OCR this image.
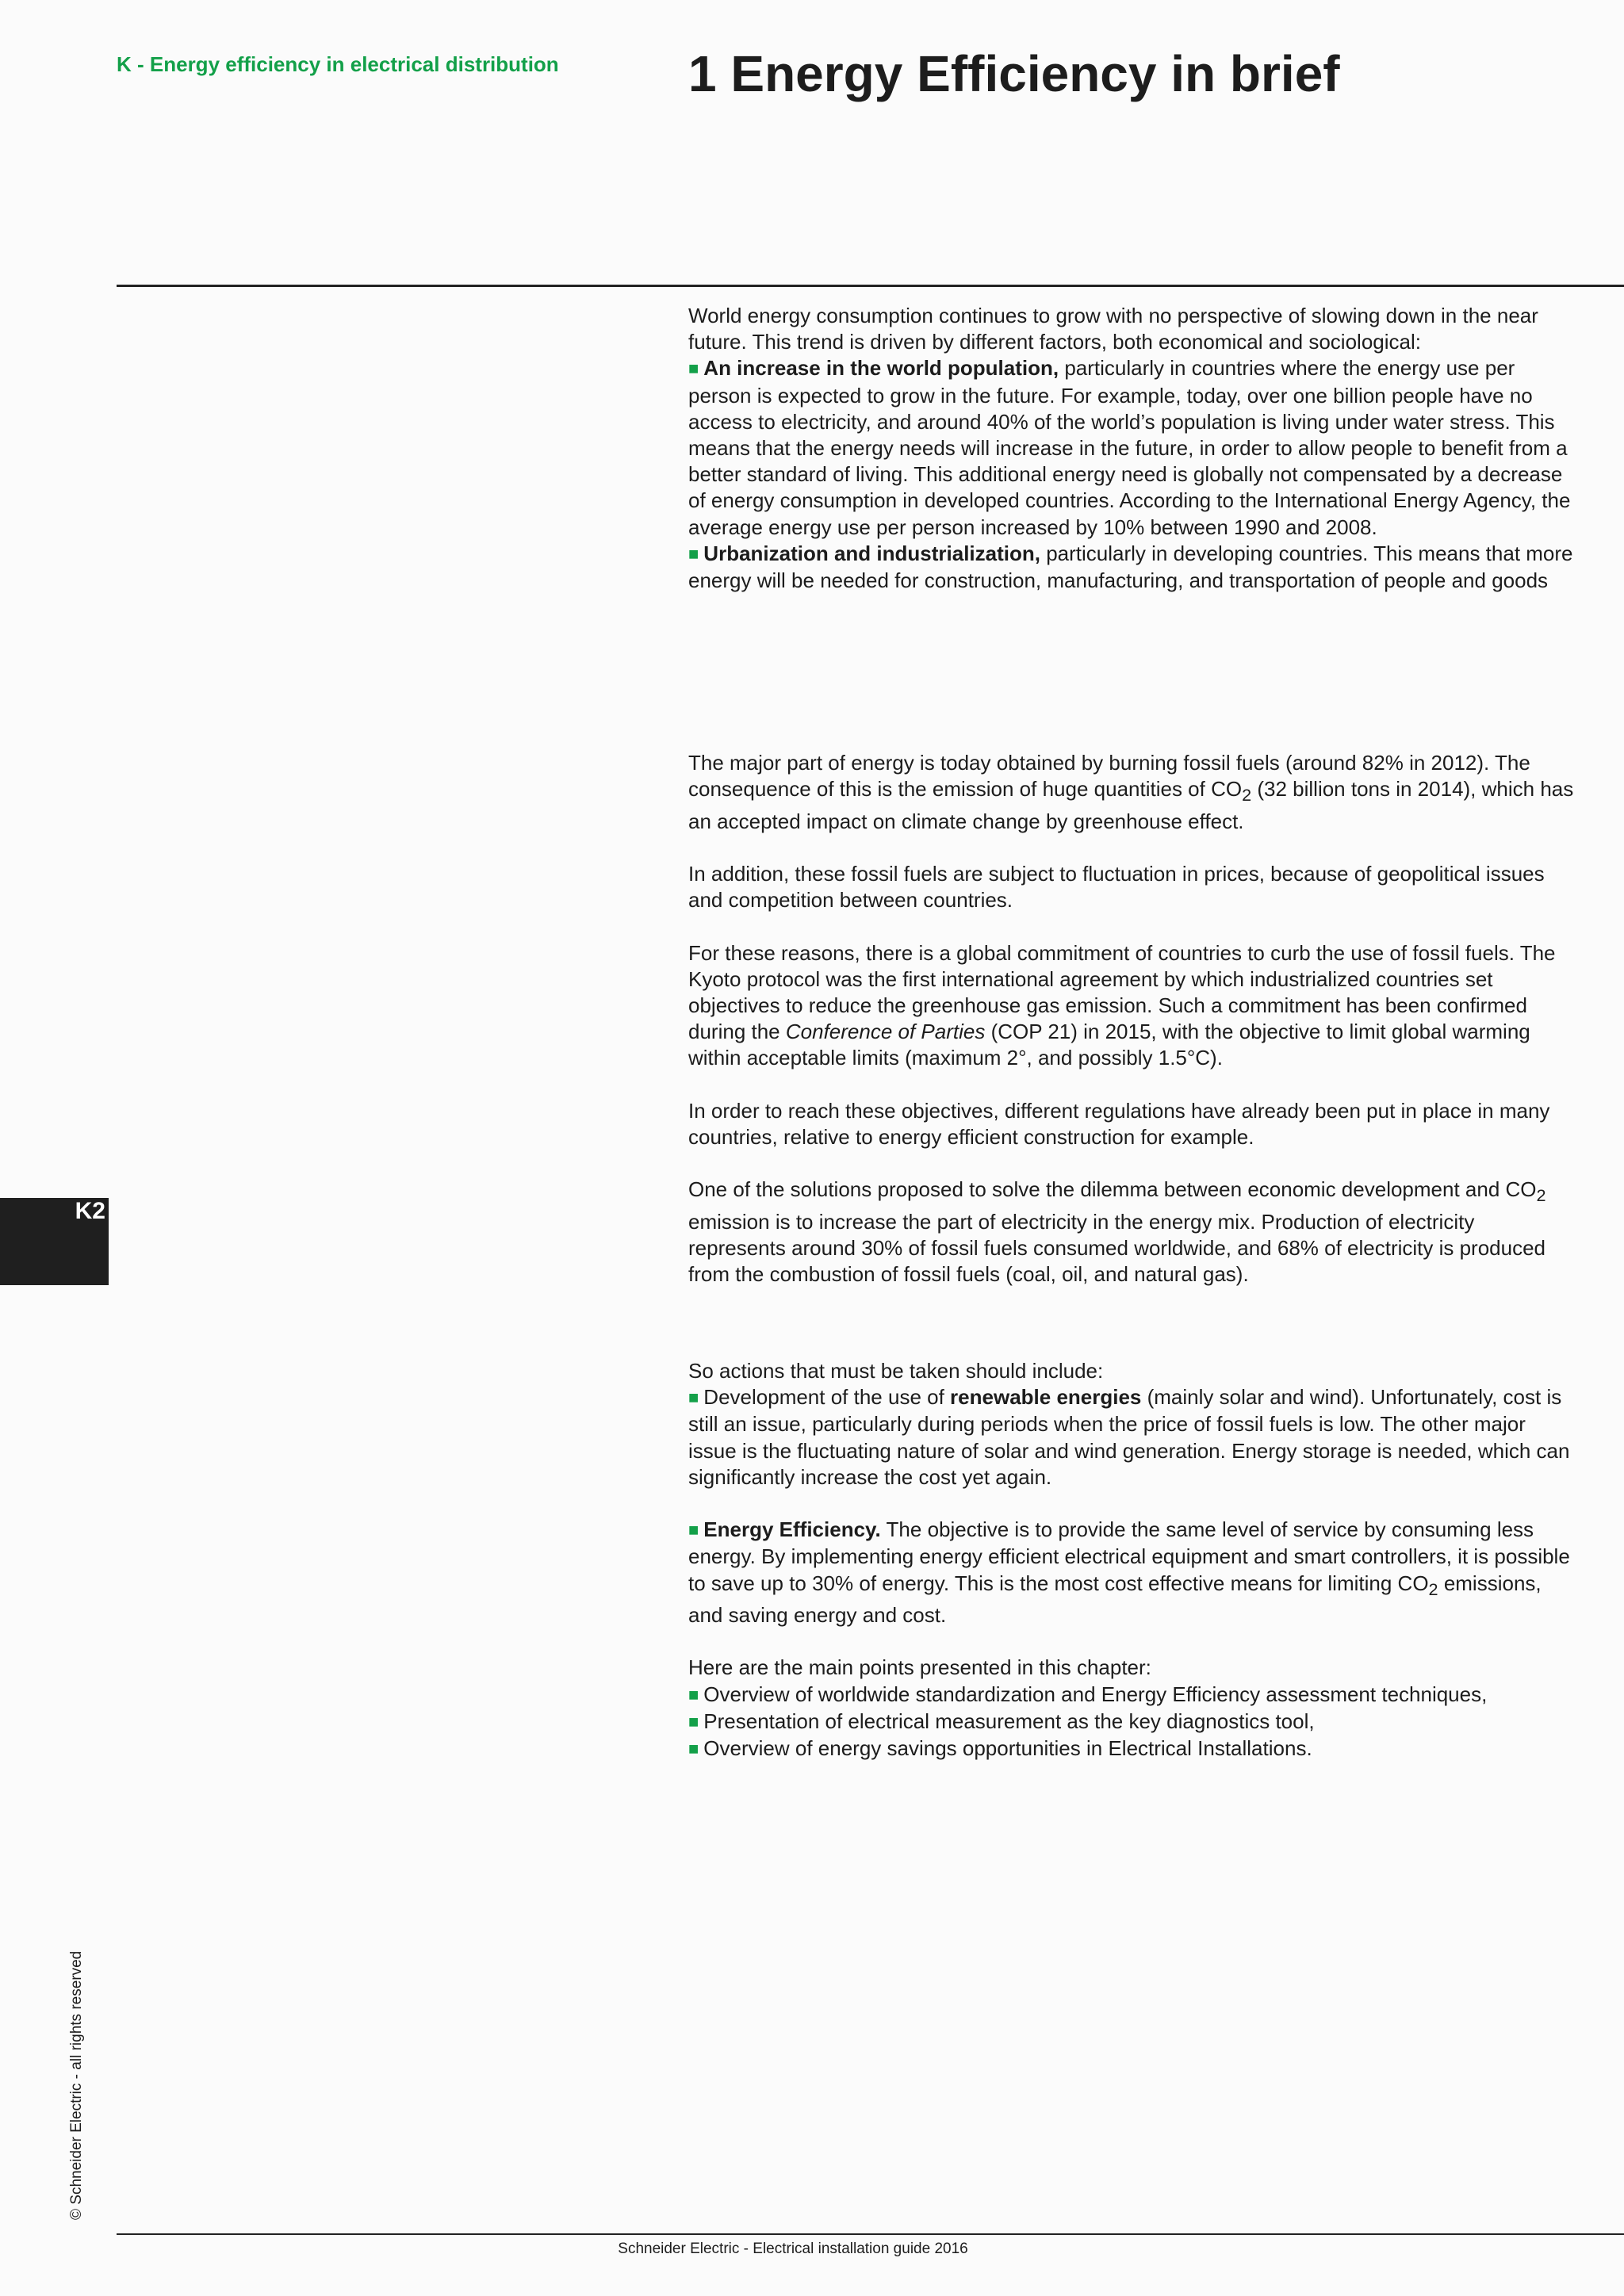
K - Energy efficiency in electrical distribution	1 Energy Efficiency in brief

World energy consumption continues to grow with no perspective of slowing down in the near future. This trend is driven by different factors, both economical and sociological:

■ An increase in the world population, particularly in countries where the energy use per person is expected to grow in the future. For example, today, over one billion people have no access to electricity, and around 40% of the world’s population is living under water stress. This means that the energy needs will increase in the future, in order to allow people to benefit from a better standard of living. This additional energy need is globally not compensated by a decrease of energy consumption in developed countries. According to the International Energy Agency, the average energy use per person increased by 10% between 1990 and 2008.

■ Urbanization and industrialization, particularly in developing countries. This means that more energy will be needed for construction, manufacturing, and transportation of people and goods

The major part of energy is today obtained by burning fossil fuels (around 82% in 2012). The consequence of this is the emission of huge quantities of $CO_2$ (32 billion tons in 2014), which has an accepted impact on climate change by greenhouse effect.

In addition, these fossil fuels are subject to fluctuation in prices, because of geopolitical issues and competition between countries.

For these reasons, there is a global commitment of countries to curb the use of fossil fuels. The Kyoto protocol was the first international agreement by which industrialized countries set objectives to reduce the greenhouse gas emission. Such a commitment has been confirmed during the Conference of Parties (COP 21) in 2015, with the objective to limit global warming within acceptable limits (maximum 2°, and possibly 1.5°C).

In order to reach these objectives, different regulations have already been put in place in many countries, relative to energy efficient construction for example.

One of the solutions proposed to solve the dilemma between economic development and $CO_2$ emission is to increase the part of electricity in the energy mix. Production of electricity represents around 30% of fossil fuels consumed worldwide, and 68% of electricity is produced from the combustion of fossil fuels (coal, oil, and natural gas).

So actions that must be taken should include:

■ Development of the use of renewable energies (mainly solar and wind). Unfortunately, cost is still an issue, particularly during periods when the price of fossil fuels is low. The other major issue is the fluctuating nature of solar and wind generation. Energy storage is needed, which can significantly increase the cost yet again.

■ Energy Efficiency. The objective is to provide the same level of service by consuming less energy. By implementing energy efficient electrical equipment and smart controllers, it is possible to save up to 30% of energy. This is the most cost effective means for limiting $CO_2$ emissions, and saving energy and cost.

Here are the main points presented in this chapter:

■ Overview of worldwide standardization and Energy Efficiency assessment techniques,

■ Presentation of electrical measurement as the key diagnostics tool,

■ Overview of energy savings opportunities in Electrical Installations.

K2
© Schneider Electric - all rights reserved
Schneider Electric - Electrical installation guide 2016
